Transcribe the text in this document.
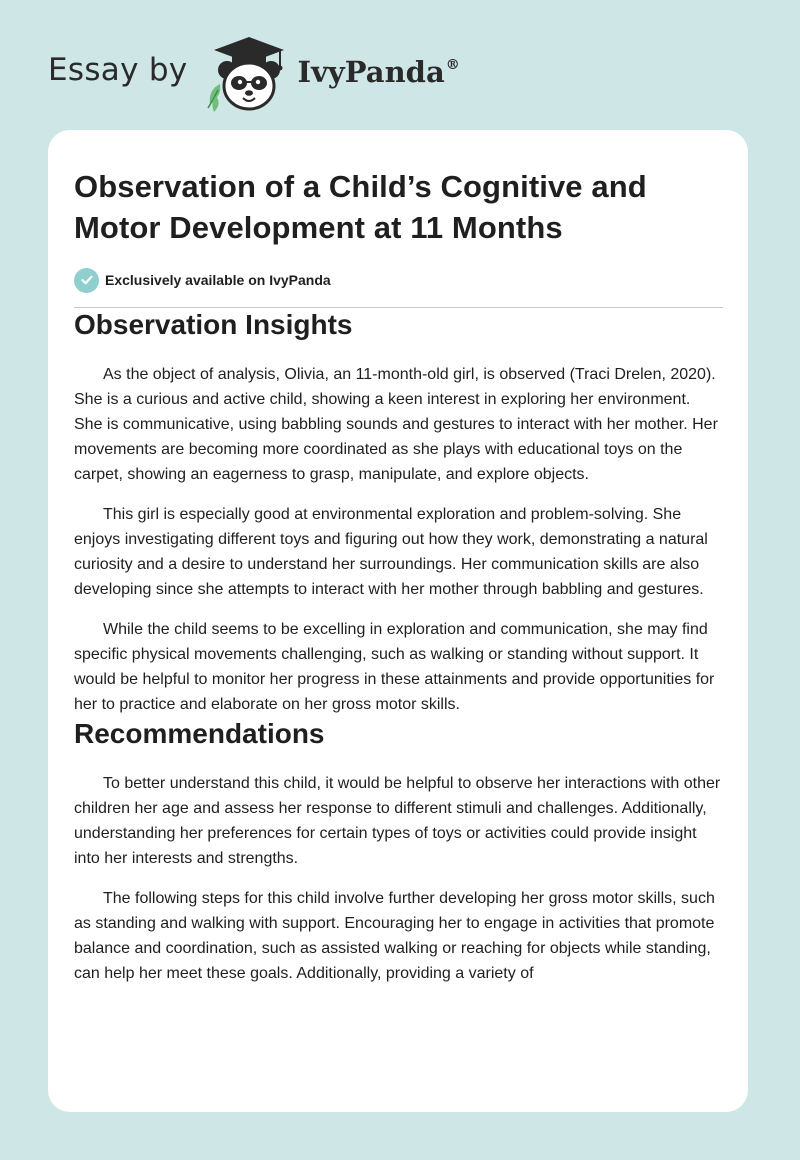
Essay by	IvyPanda®
Observation of a Child’s Cognitive and
Motor Development at 11 Months
Exclusively available on IvyPanda
Observation Insights

As the object of analysis, Olivia, an 11-month-old girl, is observed (Traci Drelen, 2020). She is a curious and active child, showing a keen interest in exploring her environment. She is communicative, using babbling sounds and gestures to interact with her mother. Her movements are becoming more coordinated as she plays with educational toys on the carpet, showing an eagerness to grasp, manipulate, and explore objects.

This girl is especially good at environmental exploration and problem-solving. She enjoys investigating different toys and figuring out how they work, demonstrating a natural curiosity and a desire to understand her surroundings. Her communication skills are also developing since she attempts to interact with her mother through babbling and gestures.

While the child seems to be excelling in exploration and communication, she may find specific physical movements challenging, such as walking or standing without support. It would be helpful to monitor her progress in these attainments and provide opportunities for her to practice and elaborate on her gross motor skills.

Recommendations

To better understand this child, it would be helpful to observe her interactions with other children her age and assess her response to different stimuli and challenges. Additionally, understanding her preferences for certain types of toys or activities could provide insight into her interests and strengths.

The following steps for this child involve further developing her gross motor skills, such as standing and walking with support. Encouraging her to engage in activities that promote balance and coordination, such as assisted walking or reaching for objects while standing, can help her meet these goals. Additionally, providing a variety of
